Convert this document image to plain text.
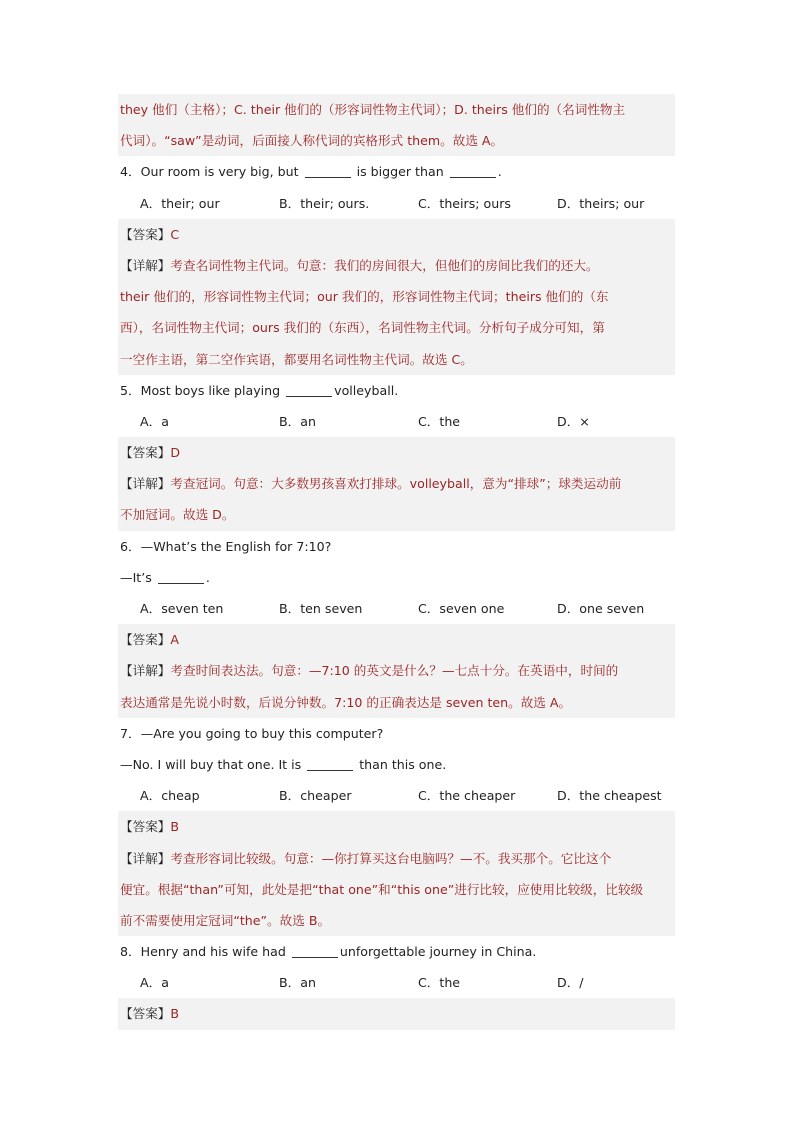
they 他们（主格）；C. their 他们的（形容词性物主代词）；D. theirs 他们的（名词性物主
代词）。“saw”是动词，后面接人称代词的宾格形式 them。故选 A。
4．Our room is very big, but	is bigger than	.
A．their; our	B．their; ours.	C．theirs; ours	D．theirs; our
【答案】C
【详解】考查名词性物主代词。句意：我们的房间很大，但他们的房间比我们的还大。
their 他们的，形容词性物主代词；our 我们的，形容词性物主代词；theirs 他们的（东
西），名词性物主代词；ours 我们的（东西），名词性物主代词。分析句子成分可知，第
一空作主语，第二空作宾语，都要用名词性物主代词。故选 C。
5．Most boys like playing	volleyball.
A．a	B．an	C．the	D．×
【答案】D
【详解】考查冠词。句意：大多数男孩喜欢打排球。volleyball，意为“排球”；球类运动前
不加冠词。故选 D。
6．—What’s the English for 7:10?
—It’s	.
A．seven ten	B．ten seven	C．seven one	D．one seven
【答案】A
【详解】考查时间表达法。句意：—7:10 的英文是什么？—七点十分。在英语中，时间的
表达通常是先说小时数，后说分钟数。7:10 的正确表达是 seven ten。故选 A。
7．—Are you going to buy this computer?
—No. I will buy that one. It is	than this one.
A．cheap	B．cheaper	C．the cheaper	D．the cheapest
【答案】B
【详解】考查形容词比较级。句意：—你打算买这台电脑吗？—不。我买那个。它比这个
便宜。根据“than”可知，此处是把“that one”和“this one”进行比较，应使用比较级，比较级
前不需要使用定冠词“the”。故选 B。
8．Henry and his wife had	unforgettable journey in China.
A．a	B．an	C．the	D．/
【答案】B
